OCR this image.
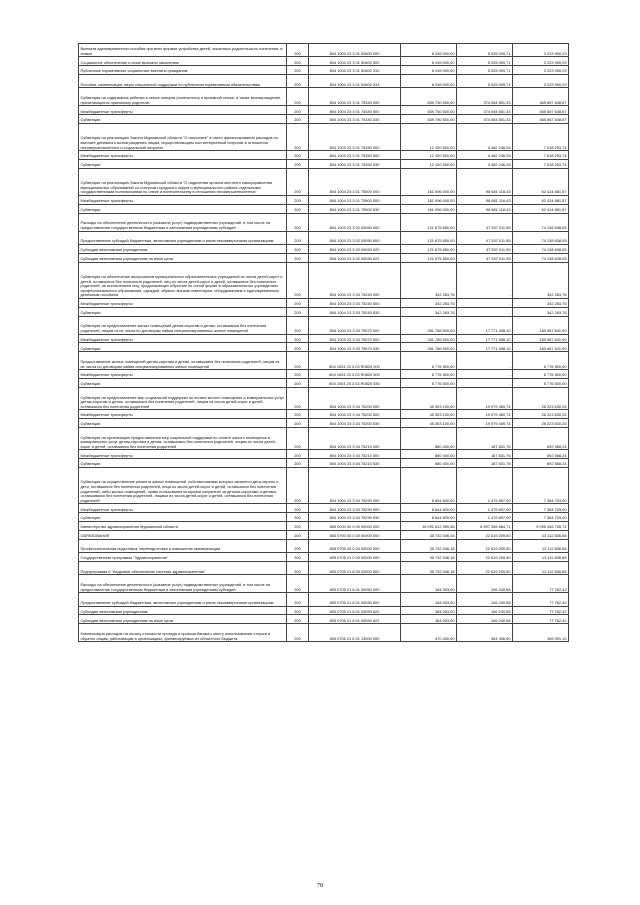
Выплата единовременного пособия при всех формах устройства детей, лишенных родительского попечения, в семью	200	804 1004 23 3 01 52600 000	8 249 000,00	5 025 009,71	3 223 990,29
Социальное обеспечение и иные выплаты населению	200	804 1004 23 3 01 52600 300	8 249 000,00	5 025 009,71	3 223 990,29
Публичные нормативные социальные выплаты гражданам	200	804 1004 23 3 01 52600 310	8 249 000,00	5 025 009,71	3 223 990,29
Пособия, компенсации, меры социальной поддержки по публичным нормативным обязательствам	200	804 1004 23 3 01 52600 313	8 249 000,00	5 025 009,71	3 223 990,29
Субвенция на содержание ребенка в семье опекуна (попечителя) и приемной семье, а также вознаграждение, причитающееся приемному родителю	200	804 1004 23 3 01 75340 000	839 750 500,00	374 084 851,33	465 667 648,67
Межбюджетные трансферты	200	804 1004 23 3 01 75340 500	839 750 500,00	374 084 851,33	465 667 648,67
Субвенции	200	804 1004 23 3 01 75340 530	839 750 500,00	374 084 851,33	465 667 648,67
Субвенция на реализацию Закона Мурманской области "О патронате" в части финансирования расходов по выплате денежного вознаграждения лицам, осуществляющим постинтернатный патронат в отношении несовершеннолетних и социальный патронат	200	804 1004 23 3 01 75350 000	12 100 500,00	4 482 246,26	7 618 253,74
Межбюджетные трансферты	200	804 1004 23 3 01 75350 500	12 100 500,00	4 482 246,26	7 618 253,74
Субвенции	200	804 1004 23 3 01 75350 530	12 100 500,00	4 482 246,26	7 618 253,74
Субвенция на реализацию Закона Мурманской области "О наделении органов местного самоуправления муниципальных образований со статусом городского округа и муниципального района отдельными государственными полномочиями по опеке и попечительству в отношении несовершеннолетних"	200	804 1004 23 3 01 75500 000	161 096 000,00	98 681 118,43	62 414 881,57
Межбюджетные трансферты	200	804 1004 23 3 01 75500 500	161 096 000,00	98 681 118,43	62 414 881,57
Субвенции	200	804 1004 23 3 01 75500 530	161 096 000,00	98 681 118,43	62 414 881,57
Расходы на обеспечение деятельности (оказание услуг) подведомственных учреждений, в том числе на предоставление государственным бюджетным и автономным учреждениям субсидий	200	804 1004 23 3 02 00050 000	121 675 650,00	47 537 011,95	74 138 638,05
Предоставление субсидий бюджетным, автономным учреждениям и иным некоммерческим организациям	200	804 1004 23 3 02 00050 600	121 675 650,00	47 537 011,95	74 138 638,05
Субсидии автономным учреждениям	200	804 1004 23 3 02 00050 620	121 675 650,00	47 537 011,95	74 138 638,05
Субсидии автономным учреждениям на иные цели	200	804 1004 23 3 02 00050 622	121 675 650,00	47 537 011,95	74 138 638,05
Субвенция на обеспечение выпускников муниципальных образовательных учреждений из числа детей-сирот и детей, оставшихся без попечения родителей, лиц из числа детей-сирот и детей, оставшихся без попечения родителей, за исключением лиц, продолжающих обучение по очной форме в образовательных учреждениях профессионального образования, одеждой, обувью, мягким инвентарем, оборудованием и единовременным денежным пособием	200	804 1004 23 3 03 75240 000	342 263,76	-	342 263,76
Межбюджетные трансферты	200	804 1004 23 3 03 75240 500	342 263,76	-	342 263,76
Субвенции	200	804 1004 23 3 03 75240 530	342 263,76	-	342 263,76
Субвенция на предоставление жилых помещений детям-сиротам и детям, оставшимся без попечения родителей, лицам из их числа по договорам найма специализированных жилых помещений	200	804 1004 23 3 03 75570 000	281 789 500,00	17 771 958,10	183 967 641,90
Межбюджетные трансферты	200	804 1004 23 3 03 75570 500	281 789 500,00	17 771 958,10	183 967 641,90
Субвенции	200	804 1004 23 3 03 75570 530	281 789 500,00	17 771 958,10	183 967 641,90
Предоставление жилых помещений детям-сиротам и детям, оставшимся без попечения родителей, лицам из их числа по договорам найма специализированных жилых помещений	200	804 1004 23 3 03 R0820 000	6 776 500,00	-	6 776 500,00
Межбюджетные трансферты	200	804 1004 23 3 03 R0820 500	6 776 500,00	-	6 776 500,00
Субвенции	200	804 1004 23 3 03 R0820 530	6 776 500,00	-	6 776 500,00
Субвенция на предоставление мер социальной поддержки по оплате жилого помещения и коммунальных услуг детям-сиротам и детям, оставшимся без попечения родителей, лицам из числа детей-сирот и детей, оставшихся без попечения родителей	200	804 1004 23 3 04 75200 000	45 303 100,00	19 079 469,74	26 223 630,26
Межбюджетные трансферты	200	804 1004 23 3 04 75200 500	45 303 100,00	19 079 469,74	26 223 630,26
Субвенции	200	804 1004 23 3 04 75200 530	45 303 100,00	19 079 469,74	26 223 630,26
Субвенция на организацию предоставления мер социальной поддержки по оплате жилого помещения и коммунальных услуг детям-сиротам и детям, оставшимся без попечения родителей, лицам из числа детей-сирот и детей, оставшихся без попечения родителей	200	804 1004 23 3 04 75210 000	880 400,00	187 831,76	692 568,24
Межбюджетные трансферты	200	804 1004 23 3 04 75210 500	880 400,00	187 831,76	692 568,24
Субвенции	200	804 1004 23 3 04 75210 530	880 400,00	187 831,76	692 568,24
Субвенция на осуществление ремонта жилых помещений, собственниками которых являются дети-сироты и дети, оставшиеся без попечения родителей, лица из числа детей-сирот и детей, оставшихся без попечения родителей, либо жилых помещений, право пользования которыми сохранено за детьми-сиротами и детьми, оставшимися без попечения родителей, лицами из числа детей-сирот и детей, оставшихся без попечения родителей	200	804 1004 23 3 04 75290 000	8 844 600,00	1 479 897,00	7 364 703,00
Межбюджетные трансферты	200	804 1004 23 3 04 75290 500	8 844 600,00	1 479 897,00	7 364 703,00
Субвенции	200	804 1004 23 3 04 75290 530	8 844 600,00	1 479 897,00	7 364 703,00
Министерство здравоохранения Мурманской области	200	805 0000 00 0 00 00000 000	16 092 612 959,48	6 997 266 684,71	9 095 346 765,74
ОБРАЗОВАНИЕ	200	805 0700 00 0 00 00000 000	35 732 046,18	22 619 209,50	13 112 836,68
Профессиональная подготовка, переподготовка и повышение квалификации	200	805 0705 00 0 00 00000 000	35 732 046,18	22 619 209,50	13 112 836,68
Государственная программа "Здравоохранение"	200	805 0705 21 0 00 00000 000	35 732 046,18	22 619 209,50	13 112 836,68
Подпрограмма 6 "Кадровое обеспечение системы здравоохранения"	200	805 0705 21 6 00 00000 000	35 732 046,18	22 619 209,50	13 112 836,68
Расходы на обеспечение деятельности (оказание услуг) подведомственных учреждений, в том числе на предоставление государственным бюджетным и автономным учреждениям субсидий	200	805 0705 21 6 01 00050 000	184 003,00	106 240,58	77 762,42
Предоставление субсидий бюджетным, автономным учреждениям и иным некоммерческим организациям	200	805 0705 21 6 01 00050 600	184 003,00	106 240,58	77 762,42
Субсидии автономным учреждениям	200	805 0705 21 6 01 00050 620	184 003,00	106 240,58	77 762,42
Субсидии автономным учреждениям на иные цели	200	805 0705 21 6 01 00050 622	184 003,00	106 240,58	77 762,42
Компенсация расходов на оплату стоимости проезда и провоза багажа к месту использования отпуска и обратно лицам, работающим в организациях, финансируемых из областного бюджета	200	805 0705 21 6 01 13000 000	470 400,00	364 306,90	106 091,10
78
